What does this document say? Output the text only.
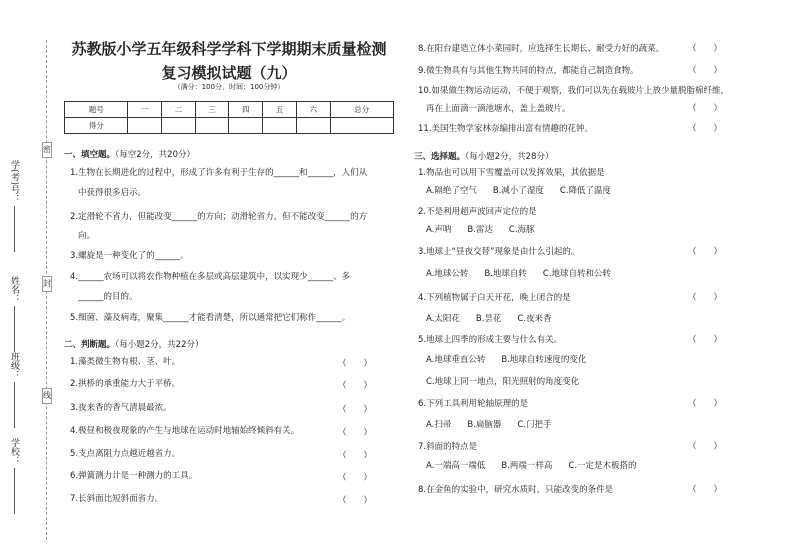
学(考)号：
姓名：
班级：
学校：
密
封
线
苏教版小学五年级科学学科下学期期末质量检测
复习模拟试题（九）
（满分：100分，时间：100分钟）
题号	一	二	三	四	五	六	总分
得分							
一、填空题。（每空2分，共20分）
1.生物在长期进化的过程中，形成了许多有利于生存的______和______，人们从
中获得很多启示。
2.定滑轮不省力，但能改变______的方向；动滑轮省力，但不能改变______的方
向。
3.螺旋是一种变化了的______。
4.______农场可以将农作物种植在多层或高层建筑中，以实现少______、多
______的目的。
5.细菌、藻及病毒，聚集______才能看清楚，所以通常把它们称作______。
二、判断题。（每小题2分，共22分）
1.藻类微生物有根、茎、叶。	（　　）
2.拱桥的承重能力大于平桥。	（　　）
3.夜来香的香气清晨最浓。	（　　）
4.极昼和极夜现象的产生与地球在运动时地轴始终倾斜有关。	（　　）
5.支点离阻力点越近越省力。	（　　）
6.弹簧测力计是一种测力的工具。	（　　）
7.长斜面比短斜面省力。	（　　）
8.在阳台建造立体小菜园时，应选择生长期长、耐受力好的蔬菜。	（　　）
9.微生物具有与其他生物共同的特点，都能自己制造食物。	（　　）
10.如果做生物运动运动，不便于观察，我们可以先在载玻片上放少量脱脂棉纤维，
再在上面滴一滴池塘水，盖上盖玻片。	（　　）
11.美国生物学家林奈编排出富有情趣的花钟。	（　　）
三、选择题。（每小题2分，共28分）
1.物品也可以用下雪覆盖可以发挥效果，其依据是
A.隔绝了空气 B.减小了湿度 C.降低了温度
2.不是利用超声波回声定位的是
A.声呐 B.雷达 C.海豚
3.地球上“昼夜交替”现象是由什么引起的。	（　　）
A.地球公转 B.地球自转 C.地球自转和公转
4.下列植物属于白天开花，晚上闭合的是	（　　）
A.太阳花 B.昙花 C.夜来香
5.地球上四季的形成主要与什么有关。	（　　）
A.地球垂直公转 B.地球自转速度的变化
C.地球上同一地点，阳光照射的角度变化
6.下列工具利用轮轴原理的是	（　　）
A.扫帚 B.扁脑器 C.门把手
7.斜面的特点是	（　　）
A.一端高一端低 B.两端一样高 C.一定是木板搭的
8.在金鱼的实验中，研究水质时，只能改变的条件是	（　　）
